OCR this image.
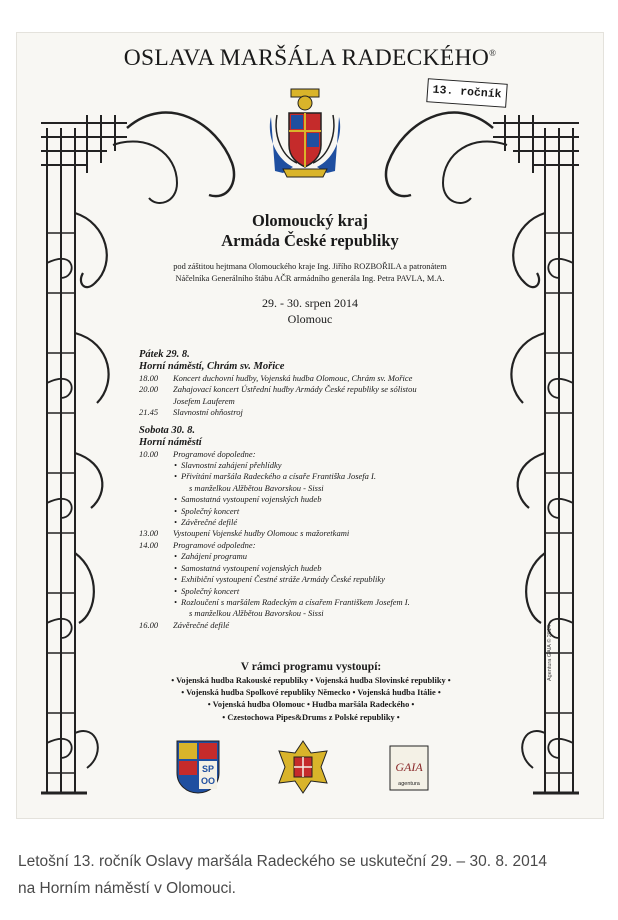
OSLAVA MARŠÁLA RADECKÉHO®
13. ročník
Olomoucký kraj
Armáda České republiky
pod záštitou hejtmana Olomouckého kraje Ing. Jiřího ROZBOŘILA a patronátem
Náčelníka Generálního štábu AČR armádního generála Ing. Petra PAVLA, M.A.
29. - 30. srpen 2014
Olomouc
Pátek 29. 8.
Horní náměstí, Chrám sv. Mořice
18.00	Koncert duchovní hudby, Vojenská hudba Olomouc, Chrám sv. Mořice
20.00	Zahajovací koncert Ústřední hudby Armády České republiky se sólistou
Josefem Lauferem
21.45	Slavnostní ohňostroj
Sobota 30. 8.
Horní náměstí
10.00	Programové dopoledne:
• Slavnostní zahájení přehlídky
• Přivítání maršála Radeckého a císaře Františka Josefa I.
s manželkou Alžbětou Bavorskou - Sissi
• Samostatná vystoupení vojenských hudeb
• Společný koncert
• Závěrečné defilé
13.00	Vystoupení Vojenské hudby Olomouc s mažoretkami
14.00	Programové odpoledne:
• Zahájení programu
• Samostatná vystoupení vojenských hudeb
• Exhibiční vystoupení Čestné stráže Armády České republiky
• Společný koncert
• Rozloučení s maršálem Radeckým a císařem Františkem Josefem I.
s manželkou Alžbětou Bavorskou - Sissi
16.00	Závěrečné defilé
V rámci programu vystoupí:
• Vojenská hudba Rakouské republiky • Vojenská hudba Slovinské republiky •
• Vojenská hudba Spolkové republiky Německo • Vojenská hudba Itálie •
• Vojenská hudba Olomouc • Hudba maršála Radeckého •
• Czestochowa Pipes&Drums z Polské republiky •
Agentura GAIA © 2014
SP
OO
GAIA
agentura
Letošní 13. ročník Oslavy maršála Radeckého se uskuteční 29. – 30. 8. 2014
na Horním náměstí v Olomouci.
